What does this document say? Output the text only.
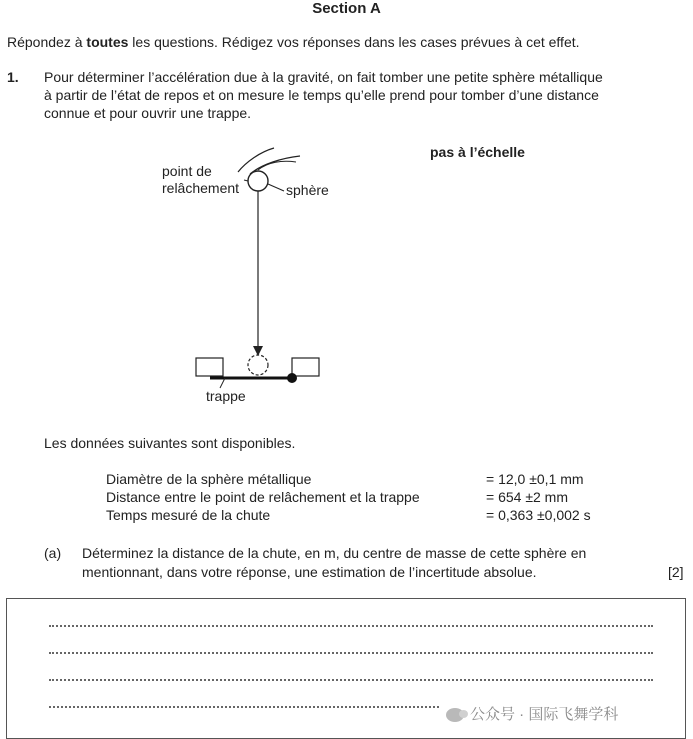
Section A
Répondez à toutes les questions. Rédigez vos réponses dans les cases prévues à cet effet.
1. Pour déterminer l’accélération due à la gravité, on fait tomber une petite sphère métallique
à partir de l’état de repos et on mesure le temps qu’elle prend pour tomber d’une distance
connue et pour ouvrir une trappe.
pas à l’échelle
point de
relâchement	sphère
trappe
Les données suivantes sont disponibles.
Diamètre de la sphère métallique	= 12,0 ±0,1 mm
Distance entre le point de relâchement et la trappe	= 654 ±2 mm
Temps mesuré de la chute	= 0,363 ±0,002 s
(a) Déterminez la distance de la chute, en m, du centre de masse de cette sphère en
mentionnant, dans votre réponse, une estimation de l’incertitude absolue.	[2]
公众号 · 国际飞舞学科
